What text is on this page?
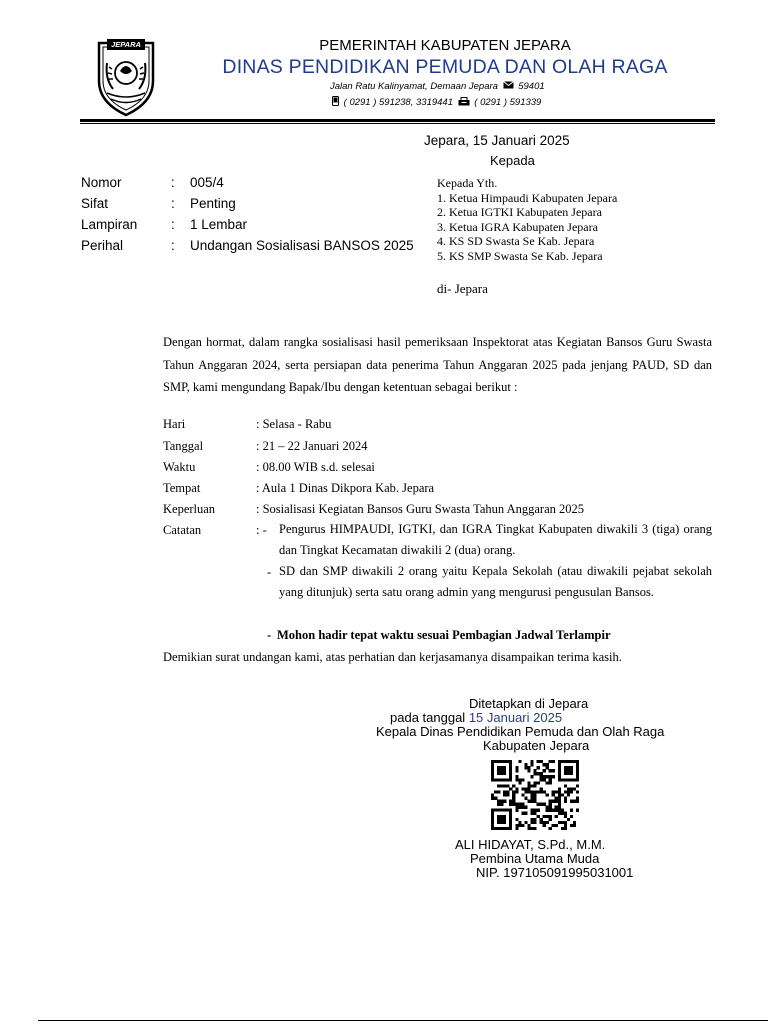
JEPARA	PEMERINTAH KABUPATEN JEPARA
DINAS PENDIDIKAN PEMUDA DAN OLAH RAGA
Jalan Ratu Kalinyamat, Demaan Jepara 59401
( 0291 ) 591238, 3319441 ( 0291 ) 591339
Jepara, 15 Januari 2025
Kepada
Nomor	: 005/4
Sifat	: Penting
Lampiran : 1 Lembar
Perihal	: Undangan Sosialisasi BANSOS 2025
Kepada Yth.
1. Ketua Himpaudi Kabupaten Jepara
2. Ketua IGTKI Kabupaten Jepara
3. Ketua IGRA Kabupaten Jepara
4. KS SD Swasta Se Kab. Jepara
5. KS SMP Swasta Se Kab. Jepara
di- Jepara
Dengan hormat, dalam rangka sosialisasi hasil pemeriksaan Inspektorat atas Kegiatan Bansos Guru Swasta Tahun Anggaran 2024, serta persiapan data penerima Tahun Anggaran 2025 pada jenjang PAUD, SD dan SMP, kami mengundang Bapak/Ibu dengan ketentuan sebagai berikut :
Hari	: Selasa - Rabu
Tanggal	: 21 – 22 Januari 2024
Waktu	: 08.00 WIB s.d. selesai
Tempat	: Aula 1 Dinas Dikpora Kab. Jepara
Keperluan	: Sosialisasi Kegiatan Bansos Guru Swasta Tahun Anggaran 2025
Catatan	: - Pengurus HIMPAUDI, IGTKI, dan IGRA Tingkat Kabupaten diwakili 3 (tiga) orang dan Tingkat Kecamatan diwakili 2 (dua) orang.
- SD dan SMP diwakili 2 orang yaitu Kepala Sekolah (atau diwakili pejabat sekolah yang ditunjuk) serta satu orang admin yang mengurusi pengusulan Bansos.
- Mohon hadir tepat waktu sesuai Pembagian Jadwal Terlampir
Demikian surat undangan kami, atas perhatian dan kerjasamanya disampaikan terima kasih.
Ditetapkan di Jepara
pada tanggal 15 Januari 2025
Kepala Dinas Pendidikan Pemuda dan Olah Raga
Kabupaten Jepara
ALI HIDAYAT, S.Pd., M.M.
Pembina Utama Muda
NIP. 197105091995031001
